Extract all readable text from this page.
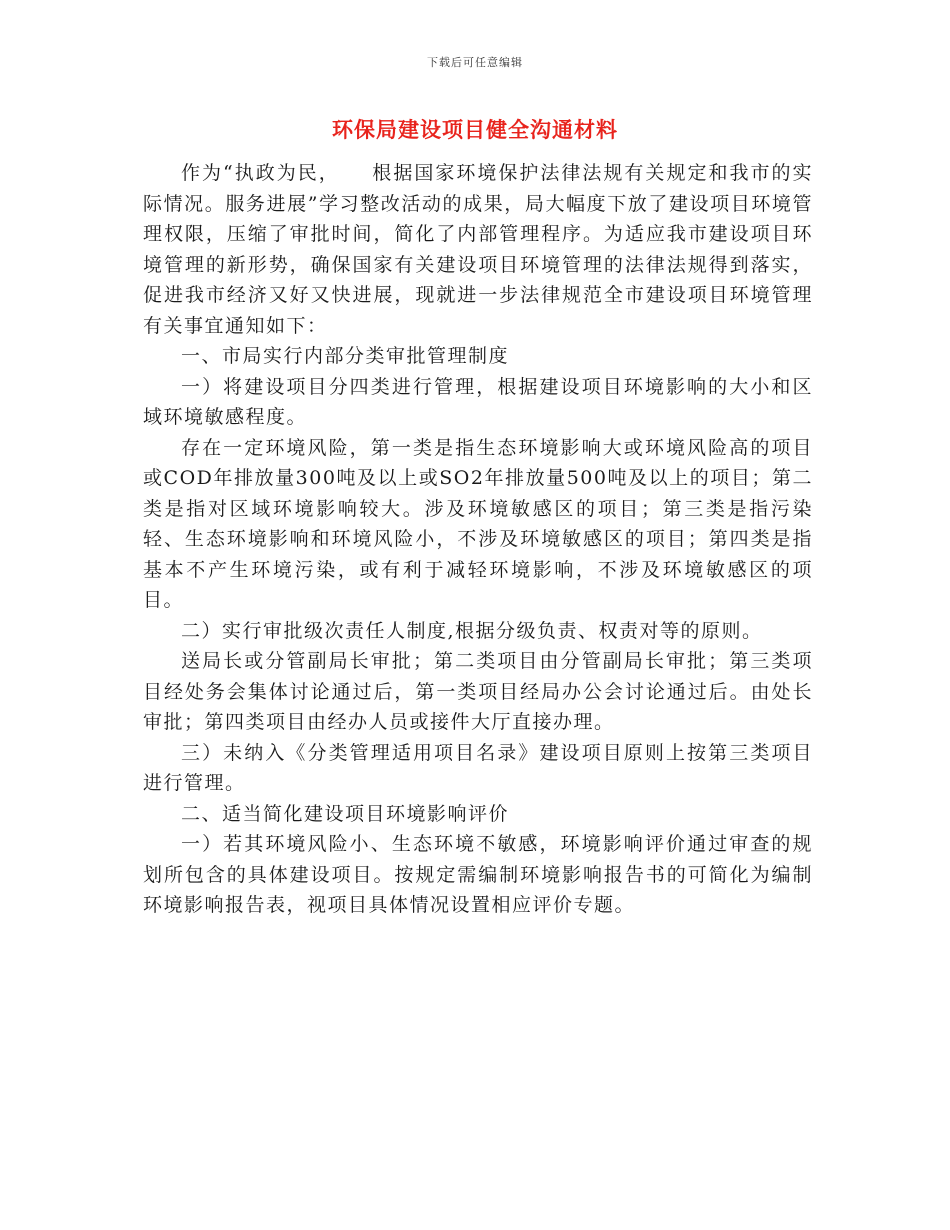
下载后可任意编辑
环保局建设项目健全沟通材料

作为“执政为民，　　根据国家环境保护法律法规有关规定和我市的实际情况。服务进展”学习整改活动的成果，局大幅度下放了建设项目环境管理权限，压缩了审批时间，简化了内部管理程序。为适应我市建设项目环境管理的新形势，确保国家有关建设项目环境管理的法律法规得到落实，促进我市经济又好又快进展，现就进一步法律规范全市建设项目环境管理有关事宜通知如下：

一、市局实行内部分类审批管理制度

一）将建设项目分四类进行管理，根据建设项目环境影响的大小和区域环境敏感程度。

存在一定环境风险，第一类是指生态环境影响大或环境风险高的项目或COD年排放量300吨及以上或SO2年排放量500吨及以上的项目；第二类是指对区域环境影响较大。涉及环境敏感区的项目；第三类是指污染轻、生态环境影响和环境风险小，不涉及环境敏感区的项目；第四类是指基本不产生环境污染，或有利于减轻环境影响，不涉及环境敏感区的项目。

二）实行审批级次责任人制度,根据分级负责、权责对等的原则。

送局长或分管副局长审批；第二类项目由分管副局长审批；第三类项目经处务会集体讨论通过后，第一类项目经局办公会讨论通过后。由处长审批；第四类项目由经办人员或接件大厅直接办理。

三）未纳入《分类管理适用项目名录》建设项目原则上按第三类项目进行管理。

二、适当简化建设项目环境影响评价

一）若其环境风险小、生态环境不敏感，环境影响评价通过审查的规划所包含的具体建设项目。按规定需编制环境影响报告书的可简化为编制环境影响报告表，视项目具体情况设置相应评价专题。
